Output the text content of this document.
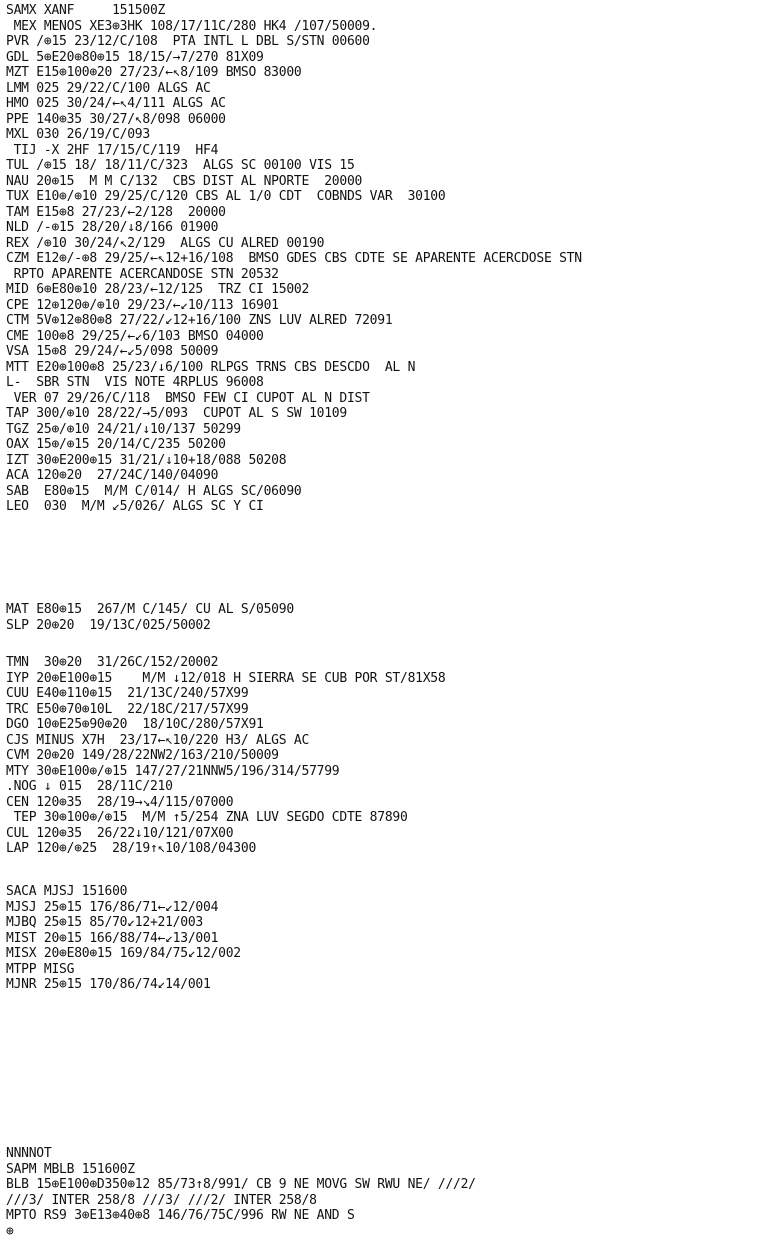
SAMX XANF     151500Z
MEX MENOS XE3⊕3HK 108/17/11C/280 HK4 /107/50009.
PVR /⊕15 23/12/C/108  PTA INTL L DBL S/STN 00600
GDL 5⊕E20⊕80⊕15 18/15/→7/270 81X09
MZT E15⊕100⊕20 27/23/←↖8/109 BMSO 83000
LMM 025 29/22/C/100 ALGS AC
HMO 025 30/24/←↖4/111 ALGS AC
PPE 140⊕35 30/27/↖8/098 06000
MXL 030 26/19/C/093
TIJ -X 2HF 17/15/C/119  HF4
TUL /⊕15 18/ 18/11/C/323  ALGS SC 00100 VIS 15
NAU 20⊕15  M M C/132  CBS DIST AL NPORTE  20000
TUX E10⊕/⊕10 29/25/C/120 CBS AL 1/0 CDT  COBNDS VAR  30100
TAM E15⊕8 27/23/←2/128  20000
NLD /-⊕15 28/20/↓8/166 01900
REX /⊕10 30/24/↖2/129  ALGS CU ALRED 00190
CZM E12⊕/-⊕8 29/25/←↖12+16/108  BMSO GDES CBS CDTE SE APARENTE ACERCDOSE STN
RPTO APARENTE ACERCANDOSE STN 20532
MID 6⊕E80⊕10 28/23/←12/125  TRZ CI 15002
CPE 12⊕120⊕/⊕10 29/23/←↙10/113 16901
CTM 5V⊕12⊕80⊕8 27/22/↙12+16/100 ZNS LUV ALRED 72091
CME 100⊕8 29/25/←↙6/103 BMSO 04000
VSA 15⊕8 29/24/←↙5/098 50009
MTT E20⊕100⊕8 25/23/↓6/100 RLPGS TRNS CBS DESCDO  AL N
L-  SBR STN  VIS NOTE 4RPLUS 96008
VER 07 29/26/C/118  BMSO FEW CI CUPOT AL N DIST
TAP 300/⊕10 28/22/→5/093  CUPOT AL S SW 10109
TGZ 25⊕/⊕10 24/21/↓10/137 50299
OAX 15⊕/⊕15 20/14/C/235 50200
IZT 30⊕E200⊕15 31/21/↓10+18/088 50208
ACA 120⊕20  27/24C/140/04090
SAB  E80⊕15  M/M C/014/ H ALGS SC/06090
LEO  030  M/M ↙5/026/ ALGS SC Y CI
MAT E80⊕15  267/M C/145/ CU AL S/05090
SLP 20⊕20  19/13C/025/50002
TMN  30⊕20  31/26C/152/20002
IYP 20⊕E100⊕15    M/M ↓12/018 H SIERRA SE CUB POR ST/81X58
CUU E40⊕110⊕15  21/13C/240/57X99
TRC E50⊕70⊕10L  22/18C/217/57X99
DGO 10⊕E25⊕90⊕20  18/10C/280/57X91
CJS MINUS X7H  23/17←↖10/220 H3/ ALGS AC
CVM 20⊕20 149/28/22NW2/163/210/50009
MTY 30⊕E100⊕/⊕15 147/27/21NNW5/196/314/57799
.NOG ↓ 015  28/11C/210
CEN 120⊕35  28/19→↘4/115/07000
TEP 30⊕100⊕/⊕15  M/M ↑5/254 ZNA LUV SEGDO CDTE 87890
CUL 120⊕35  26/22↓10/121/07X00
LAP 120⊕/⊕25  28/19↑↖10/108/04300
SACA MJSJ 151600
MJSJ 25⊕15 176/86/71←↙12/004
MJBQ 25⊕15 85/70↙12+21/003
MIST 20⊕15 166/88/74←↙13/001
MISX 20⊕E80⊕15 169/84/75↙12/002
MTPP MISG
MJNR 25⊕15 170/86/74↙14/001
NNNNOT
SAPM MBLB 151600Z
BLB 15⊕E100⊕D350⊕12 85/73↑8/991/ CB 9 NE MOVG SW RWU NE/ ///2/
///3/ INTER 258/8 ///3/ ///2/ INTER 258/8
MPTO RS9 3⊕E13⊕40⊕8 146/76/75C/996 RW NE AND S
⊕
